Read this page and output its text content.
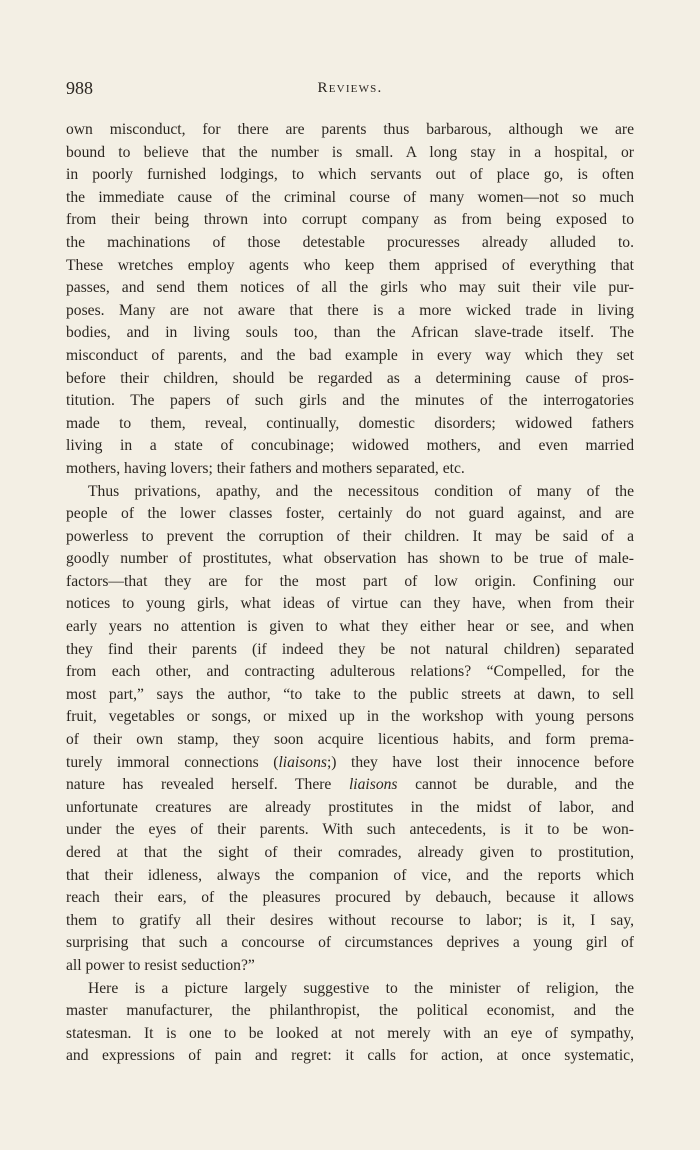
988	Reviews.
own misconduct, for there are parents thus barbarous, although we are
bound to believe that the number is small. A long stay in a hospital, or
in poorly furnished lodgings, to which servants out of place go, is often
the immediate cause of the criminal course of many women—not so much
from their being thrown into corrupt company as from being exposed to
the machinations of those detestable procuresses already alluded to.
These wretches employ agents who keep them apprised of everything that
passes, and send them notices of all the girls who may suit their vile pur-
poses. Many are not aware that there is a more wicked trade in living
bodies, and in living souls too, than the African slave-trade itself. The
misconduct of parents, and the bad example in every way which they set
before their children, should be regarded as a determining cause of pros-
titution. The papers of such girls and the minutes of the interrogatories
made to them, reveal, continually, domestic disorders; widowed fathers
living in a state of concubinage; widowed mothers, and even married
mothers, having lovers; their fathers and mothers separated, etc.
Thus privations, apathy, and the necessitous condition of many of the
people of the lower classes foster, certainly do not guard against, and are
powerless to prevent the corruption of their children. It may be said of a
goodly number of prostitutes, what observation has shown to be true of male-
factors—that they are for the most part of low origin. Confining our
notices to young girls, what ideas of virtue can they have, when from their
early years no attention is given to what they either hear or see, and when
they find their parents (if indeed they be not natural children) separated
from each other, and contracting adulterous relations? “Compelled, for the
most part,” says the author, “to take to the public streets at dawn, to sell
fruit, vegetables or songs, or mixed up in the workshop with young persons
of their own stamp, they soon acquire licentious habits, and form prema-
turely immoral connections (liaisons;) they have lost their innocence before
nature has revealed herself. There liaisons cannot be durable, and the
unfortunate creatures are already prostitutes in the midst of labor, and
under the eyes of their parents. With such antecedents, is it to be won-
dered at that the sight of their comrades, already given to prostitution,
that their idleness, always the companion of vice, and the reports which
reach their ears, of the pleasures procured by debauch, because it allows
them to gratify all their desires without recourse to labor; is it, I say,
surprising that such a concourse of circumstances deprives a young girl of
all power to resist seduction?”
Here is a picture largely suggestive to the minister of religion, the
master manufacturer, the philanthropist, the political economist, and the
statesman. It is one to be looked at not merely with an eye of sympathy,
and expressions of pain and regret: it calls for action, at once systematic,
